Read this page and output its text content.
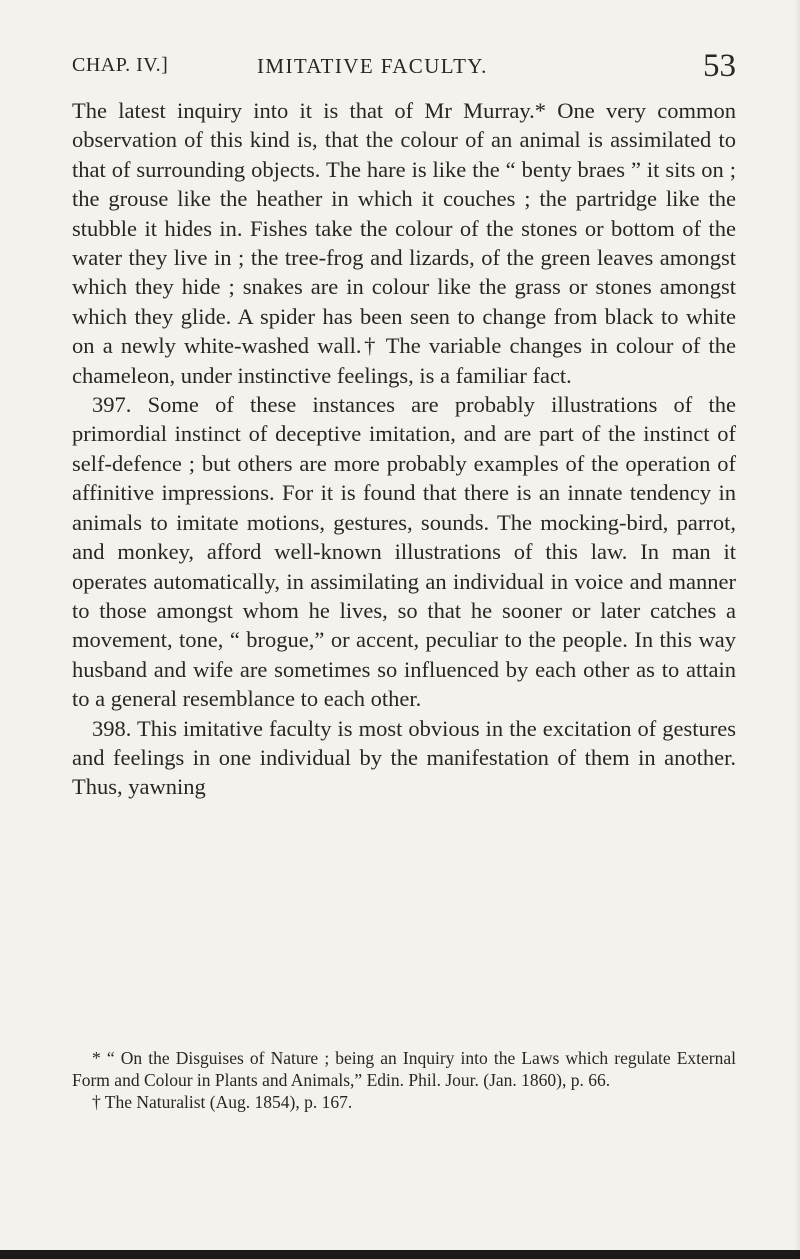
CHAP. IV.]	IMITATIVE FACULTY.	53

The latest inquiry into it is that of Mr Murray.* One very common observation of this kind is, that the colour of an animal is assimilated to that of surrounding objects. The hare is like the “ benty braes ” it sits on ; the grouse like the heather in which it couches ; the partridge like the stubble it hides in. Fishes take the colour of the stones or bottom of the water they live in ; the tree-frog and lizards, of the green leaves amongst which they hide ; snakes are in colour like the grass or stones amongst which they glide. A spider has been seen to change from black to white on a newly white-washed wall.† The variable changes in colour of the chameleon, under instinctive feelings, is a familiar fact.

397. Some of these instances are probably illustrations of the primordial instinct of deceptive imitation, and are part of the instinct of self-defence ; but others are more probably examples of the operation of affinitive impressions. For it is found that there is an innate tendency in animals to imitate motions, gestures, sounds. The mocking-bird, parrot, and monkey, afford well-known illustrations of this law. In man it operates automatically, in assimilating an individual in voice and manner to those amongst whom he lives, so that he sooner or later catches a movement, tone, “ brogue,” or accent, peculiar to the people. In this way husband and wife are sometimes so influenced by each other as to attain to a general resemblance to each other.

398. This imitative faculty is most obvious in the excitation of gestures and feelings in one individual by the manifestation of them in another. Thus, yawning

* “ On the Disguises of Nature ; being an Inquiry into the Laws which regulate External Form and Colour in Plants and Animals,” Edin. Phil. Jour. (Jan. 1860), p. 66.

† The Naturalist (Aug. 1854), p. 167.
